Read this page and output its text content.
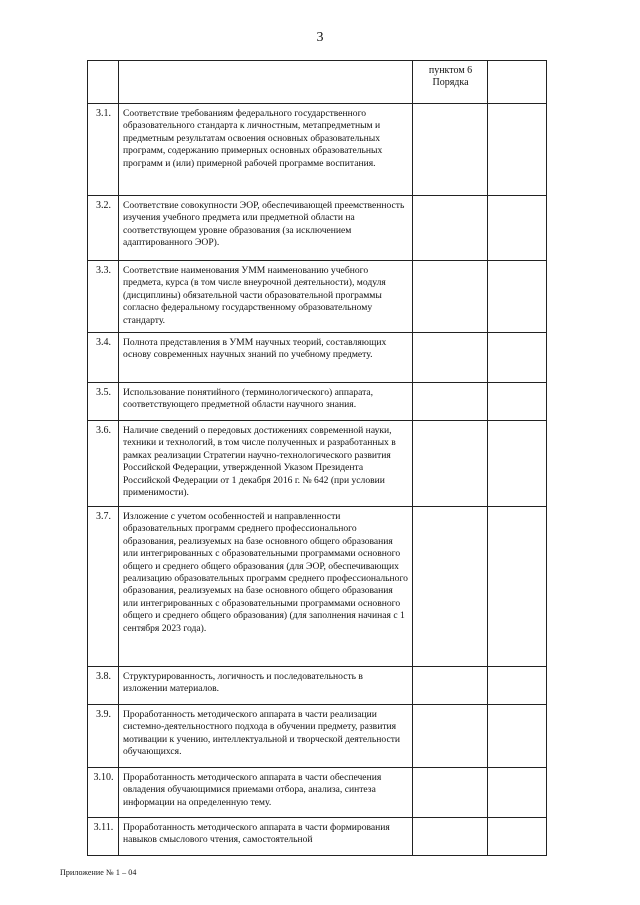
3
		пунктом 6 Порядка	
3.1.	Соответствие требованиям федерального государственного образовательного стандарта к личностным, метапредметным и предметным результатам освоения основных образовательных программ, содержанию примерных основных образовательных программ и (или) примерной рабочей программе воспитания.		
3.2.	Соответствие совокупности ЭОР, обеспечивающей преемственность изучения учебного предмета или предметной области на соответствующем уровне образования (за исключением адаптированного ЭОР).		
3.3.	Соответствие наименования УММ наименованию учебного предмета, курса (в том числе внеурочной деятельности), модуля (дисциплины) обязательной части образовательной программы согласно федеральному государственному образовательному стандарту.		
3.4.	Полнота представления в УММ научных теорий, составляющих основу современных научных знаний по учебному предмету.		
3.5.	Использование понятийного (терминологического) аппарата, соответствующего предметной области научного знания.		
3.6.	Наличие сведений о передовых достижениях современной науки, техники и технологий, в том числе полученных и разработанных в рамках реализации Стратегии научно-технологического развития Российской Федерации, утвержденной Указом Президента Российской Федерации от 1 декабря 2016 г. № 642 (при условии применимости).		
3.7.	Изложение с учетом особенностей и направленности образовательных программ среднего профессионального образования, реализуемых на базе основного общего образования или интегрированных с образовательными программами основного общего и среднего общего образования (для ЭОР, обеспечивающих реализацию образовательных программ среднего профессионального образования, реализуемых на базе основного общего образования или интегрированных с образовательными программами основного общего и среднего общего образования) (для заполнения начиная с 1 сентября 2023 года).		
3.8.	Структурированность, логичность и последовательность в изложении материалов.		
3.9.	Проработанность методического аппарата в части реализации системно-деятельностного подхода в обучении предмету, развития мотивации к учению, интеллектуальной и творческой деятельности обучающихся.		
3.10.	Проработанность методического аппарата в части обеспечения овладения обучающимися приемами отбора, анализа, синтеза информации на определенную тему.		
3.11.	Проработанность методического аппарата в части формирования навыков смыслового чтения, самостоятельной		
Приложение № 1 – 04
